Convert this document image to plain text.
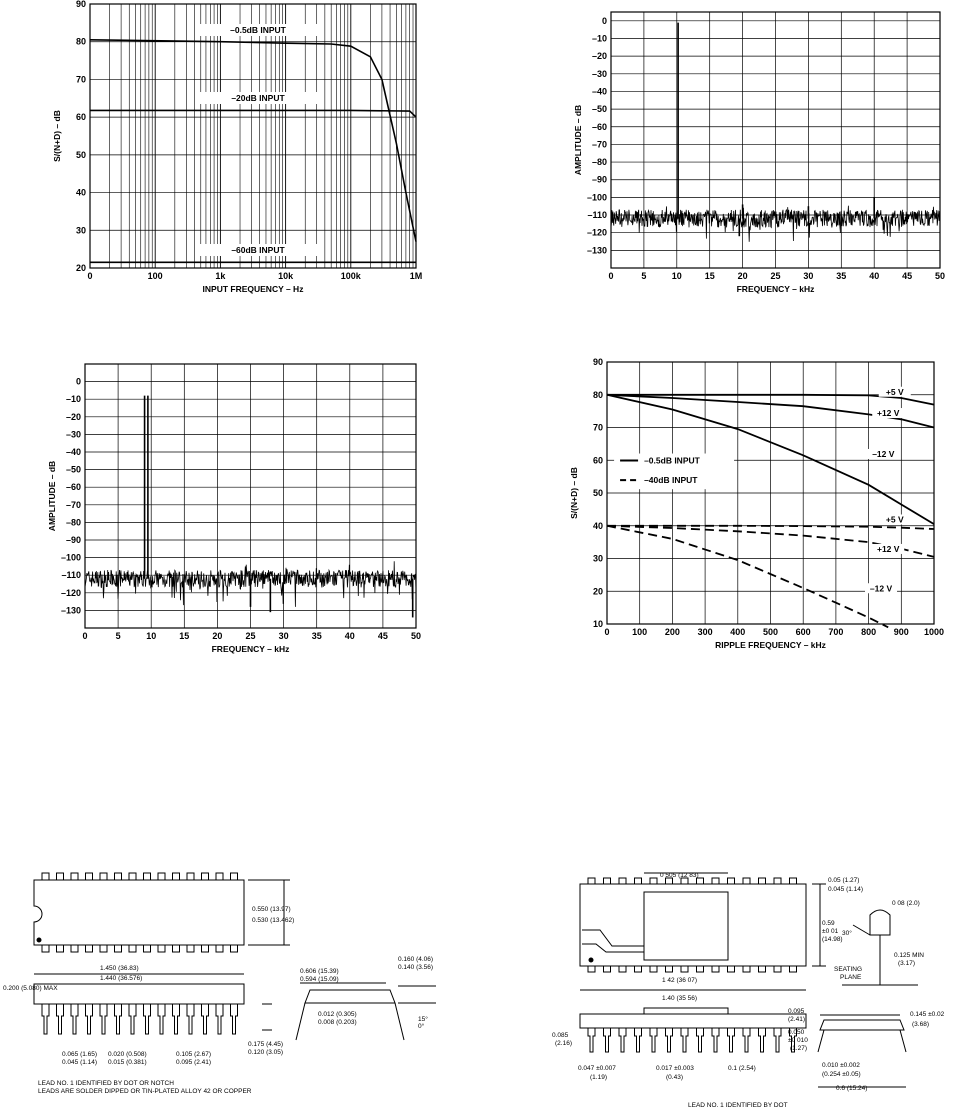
0	100	1k	10k	100k	1M
90
80
70
60
50
40
30
20
INPUT FREQUENCY – Hz
S/(N+D) – dB
–0.5dB INPUT
–20dB INPUT
–60dB INPUT
0	5	10	15	20	25	30	35	40	45	50
0
–10
–20
–30
–40
–50
–60
–70
–80
–90
–100
–110
–120
–130
FREQUENCY – kHz
AMPLITUDE – dB
0	5	10	15	20	25	30	35	40	45	50
0
–10
–20
–30
–40
–50
–60
–70
–80
–90
–100
–110
–120
–130
FREQUENCY – kHz
AMPLITUDE – dB
0	100 200 300 400 500 600 700 800 900 1000
90
80
70
60
50
40
30
20
10
RIPPLE FREQUENCY – kHz
S/(N+D) – dB
+5 V
+12 V
–12 V
+5 V
+12 V
–12 V
–0.5dB INPUT
–40dB INPUT
0.550 (13.97)
0.530 (13.462)
1.450 (36.83)
1.440 (36.576)
0.200 (5.080) MAX
0.606 (15.39)
0.594 (15.09)
0.160 (4.06)
0.140 (3.56)
0.012 (0.305)
0.008 (0.203)	15°
0°
0.065 (1.65)
0.045 (1.14)
0.020 (0.508)
0.015 (0.381)
0.105 (2.67)
0.095 (2.41)
0.175 (4.45)
0.120 (3.05)
LEAD NO. 1 IDENTIFIED BY DOT OR NOTCH
LEADS ARE SOLDER DIPPED OR TIN-PLATED ALLOY 42 OR COPPER
0 505 (12 83)
0.59
±0 01
(14.98)
1 42 (36 07)
1.40 (35 56)
0.05 (1.27)
0.045 (1.14)
0 08 (2.0)
30°
0.125 MIN
(3.17)
SEATING
PLANE
0.085
(2.16)
0.095
(2.41)
0.050
±0 010
(1.27)
0.145 ±0.02
(3.68)
0.047 ±0.007
(1.19)
0.017 ±0.003
(0.43)
0.1 (2.54)	0.010 ±0.002
(0.254 ±0.05)
0.6 (15.24)
LEAD NO. 1 IDENTIFIED BY DOT
